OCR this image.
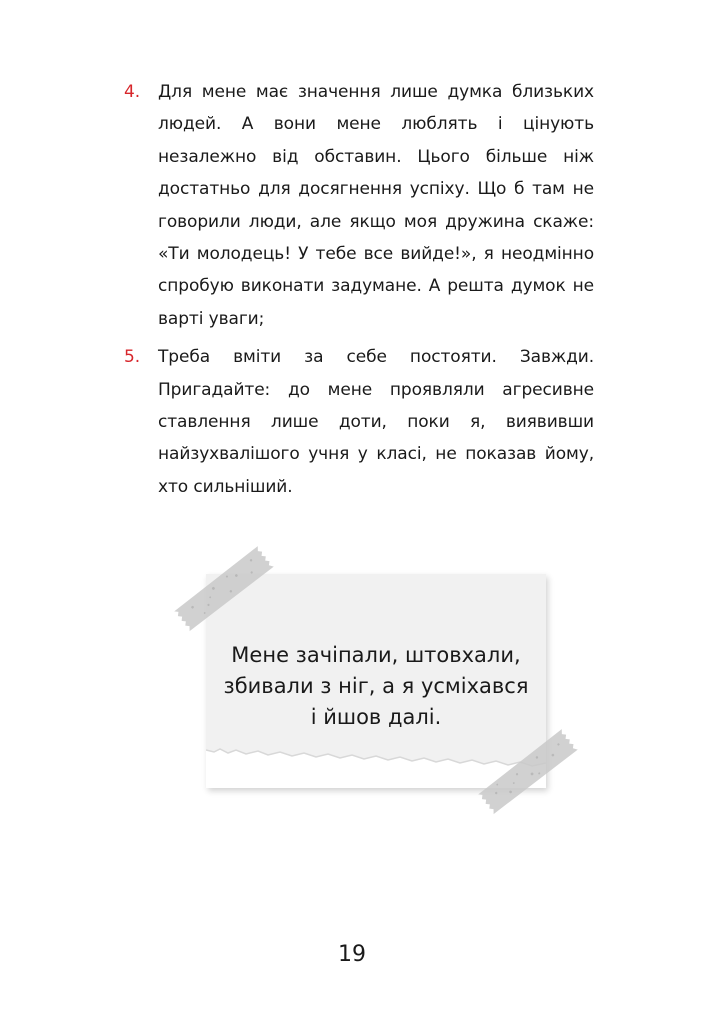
4. Для мене має значення лише думка близьких людей. А вони мене люблять і цінують незалежно від обставин. Цього більше ніж достатньо для досягнення успіху. Що б там не говорили люди, але якщо моя дружина скаже: «Ти молодець! У тебе все вийде!», я неодмінно спробую виконати задумане. А решта думок не варті уваги;
5. Треба вміти за себе постояти. Завжди. Пригадайте: до мене проявляли агресивне ставлення лише доти, поки я, виявивши найзухвалішого учня у класі, не показав йому, хто сильніший.
Мене зачіпали, штовхали,
збивали з ніг, а я усміхався
і йшов далі.
19
